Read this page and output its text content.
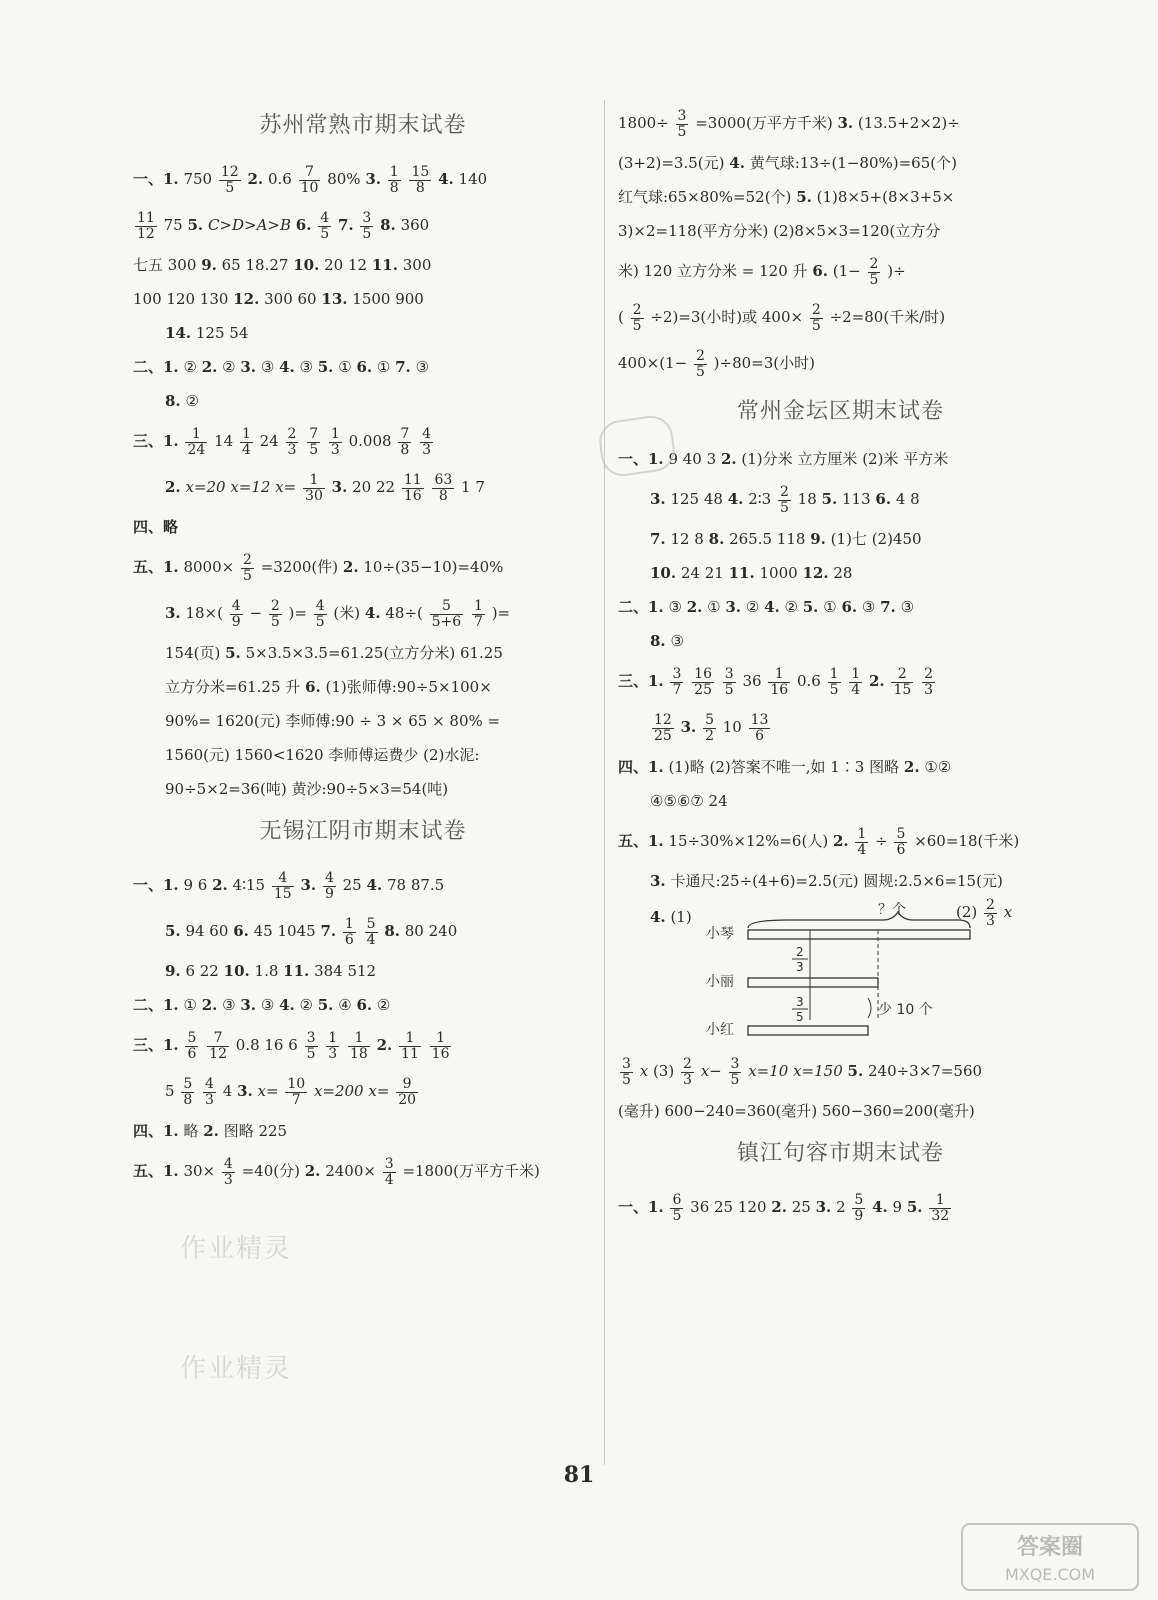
苏州常熟市期末试卷
一、1. $750 \frac{12}{5} 2$. $0.6 \frac{7}{10} 80\%$ 3. $\frac{1}{8}$
$\frac{15}{8} 4$. 140
$\frac{11}{12} 75$ 5. C>D>A>B 6. $\frac{4}{5} 7$. $\frac{3}{5} 8$. 360
七五 300 9. 65 18.27 10. 20 12 11. 300
100 120 130 12. 300 60 13. 1500 900
14. 125 54
二、1. ② 2. ② 3. ③ 4. ③ 5. ① 6. ① 7. ③
8. ②
三、1. $\frac{1}{24} 14 \frac{1}{4} 24 \frac{2}{3}$
$\frac{7}{5}$
$\frac{1}{3} 0.008 \frac{7}{8}$
$\frac{4}{3}$
2. x=20 x=12 $x= \frac{1}{30} 3$. 20 $22 \frac{11}{16}$
$\frac{63}{8} 1$ 7
四、略
五、1. $8000\times \frac{2}{5} =3200$(件) 2. 10÷(35−10)=40%
3. $18\times( \frac{4}{9} - \frac{2}{5}$ )= $\frac{4}{5}$ (米) 4. $48\div( \frac{5}{5+6}$
$\frac{1}{7}$ )=
154(页) 5. 5×3.5×3.5=61.25(立方分米) 61.25
立方分米=61.25 升 6. (1)张师傅:90÷5×100×
90%= 1620(元) 李师傅:90 ÷ 3 × 65 × 80% =
1560(元) 1560<1620 李师傅运费少 (2)水泥:
90÷5×2=36(吨) 黄沙:90÷5×3=54(吨)
无锡江阴市期末试卷
一、1. 9 6 2. 4∶15 $\frac{4}{15} 3$. $\frac{4}{9} 25$ 4. 78 87.5
5. 94 60 6. 45 1045 7. $\frac{1}{6}$
$\frac{5}{4} 8$. 80 240
9. 6 22 10. 1.8 11. 384 512
二、1. ① 2. ③ 3. ③ 4. ② 5. ④ 6. ②
三、1. $\frac{5}{6}$
$\frac{7}{12} 0.8$ 16 $6 \frac{3}{5}$
$\frac{1}{3}$
$\frac{1}{18} 2$. $\frac{1}{11}$
$\frac{1}{16}$
$5 \frac{5}{8}$
$\frac{4}{3} 4$ 3. $x= \frac{10}{7} x=200$ $x= \frac{9}{20}$
四、1. 略 2. 图略 225
五、1. $30\times \frac{4}{3} =40$(分) 2. $2400\times \frac{3}{4} =1800$(万平方千米)
$1800\div \frac{3}{5} =3000$(万平方千米) 3. (13.5+2×2)÷
(3+2)=3.5(元) 4. 黄气球:13÷(1−80%)=65(个)
红气球:65×80%=52(个) 5. (1)8×5+(8×3+5×
3)×2=118(平方分米) (2)8×5×3=120(立方分
米) 120 立方分米 = 120 升 6. ($1- \frac{2}{5}$ )÷
( $\frac{2}{5} \div 2)=3$(小时)或 $400\times \frac{2}{5} \div 2=80$(千米/时)
$400\times(1- \frac{2}{5} )\div 80=3$(小时)
常州金坛区期末试卷
一、1. 9 40 3 2. (1)分米 立方厘米 (2)米 平方米
3. 125 48 4. 2∶3 $\frac{2}{5} 18$ 5. 113 6. 4 8
7. 12 8 8. 265.5 118 9. (1)七 (2)450
10. 24 21 11. 1000 12. 28
二、1. ③ 2. ① 3. ② 4. ② 5. ① 6. ③ 7. ③
8. ③
三、1. $\frac{3}{7}$
$\frac{16}{25}$
$\frac{3}{5} 36 \frac{1}{16} 0.6 \frac{1}{5}$
$\frac{1}{4} 2$. $\frac{2}{15}$
$\frac{2}{3}$
$\frac{12}{25} 3$. $\frac{5}{2} 10 \frac{13}{6}$
四、1. (1)略 (2)答案不唯一,如 1∶3 图略 2. ①②
④⑤⑥⑦ 24
五、1. 15÷30%×12%=6(人) 2. $\frac{1}{4} \div \frac{5}{6} \times 60=18$(千米)
3. 卡通尺:25÷(4+6)=2.5(元) 圆规:2.5×6=15(元)
4. (1)	$(2) \frac{2}{3}$ x
？个
小琴
2
3
小丽
3
5
小红
少 10 个
$\frac{3}{5}$ x $(3) \frac{2}{3} x- \frac{3}{5} x=10$ x=150 5. 240÷3×7=560
(毫升) 600−240=360(毫升) 560−360=200(毫升)
镇江句容市期末试卷
一、1. $\frac{6}{5} 36$ 25 120 2. 25 3. $2 \frac{5}{9} 4$. 9 5. $\frac{1}{32}$
作业精灵
作业精灵
81
答案圈
MXQE.COM
